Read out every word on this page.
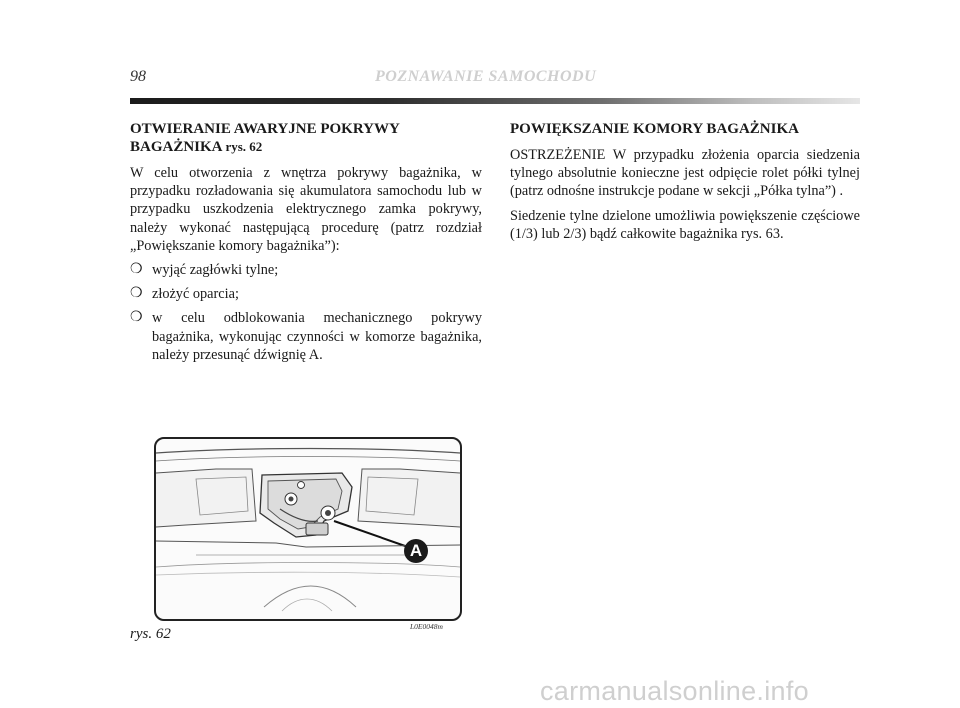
98	POZNAWANIE SAMOCHODU
OTWIERANIE AWARYJNE POKRYWY BAGAŻNIKA rys. 62

W celu otworzenia z wnętrza pokrywy bagażnika, w przypadku rozładowania się akumulatora samochodu lub w przypadku uszkodzenia elektrycznego zamka pokrywy, należy wykonać następującą procedurę (patrz rozdział „Powiększanie komory bagażnika”):

❍ wyjąć zagłówki tylne;
❍ złożyć oparcia;
❍ w celu odblokowania mechanicznego pokrywy bagażnika, wykonując czynności w komorze bagażnika, należy przesunąć dźwignię A.
POWIĘKSZANIE KOMORY BAGAŻNIKA

OSTRZEŻENIE W przypadku złożenia oparcia siedzenia tylnego absolutnie konieczne jest odpięcie rolet półki tylnej (patrz odnośne instrukcje podane w sekcji „Półka tylna”) .

Siedzenie tylne dzielone umożliwia powiększenie częściowe (1/3) lub 2/3) bądź całkowite bagażnika rys. 63.

A
rys. 62	L0E0048m
carmanualsonline.info
